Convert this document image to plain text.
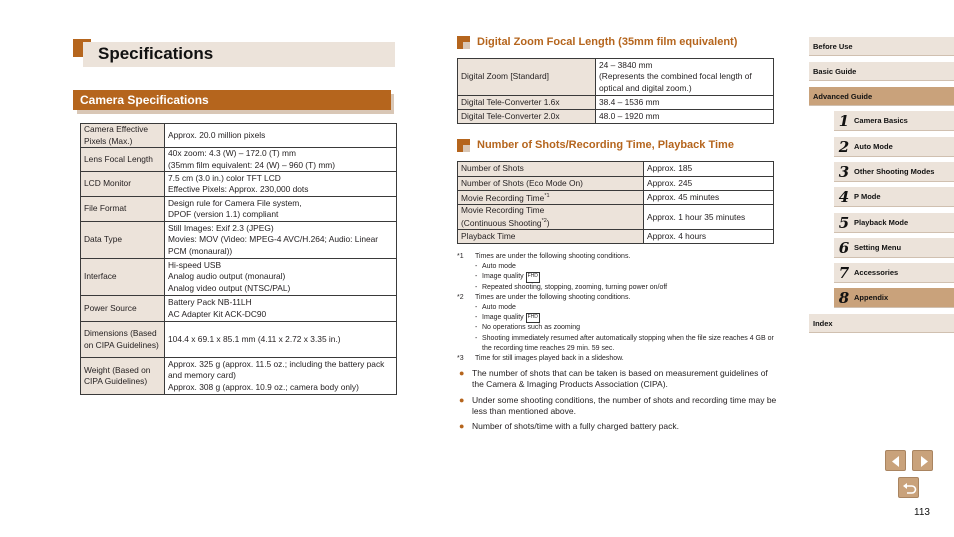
Specifications
Camera Specifications
Camera Effective Pixels (Max.)	Approx. 20.0 million pixels
Lens Focal Length	40x zoom: 4.3 (W) – 172.0 (T) mm
(35mm film equivalent: 24 (W) – 960 (T) mm)
LCD Monitor	7.5 cm (3.0 in.) color TFT LCD
Effective Pixels: Approx. 230,000 dots
File Format	Design rule for Camera File system,
DPOF (version 1.1) compliant
Data Type	Still Images: Exif 2.3 (JPEG)
Movies: MOV (Video: MPEG-4 AVC/H.264; Audio: Linear PCM (monaural))
Interface	Hi-speed USB
Analog audio output (monaural)
Analog video output (NTSC/PAL)
Power Source	Battery Pack NB-11LH
AC Adapter Kit ACK-DC90
Dimensions (Based on CIPA Guidelines)	104.4 x 69.1 x 85.1 mm (4.11 x 2.72 x 3.35 in.)
Weight (Based on CIPA Guidelines)	Approx. 325 g (approx. 11.5 oz.; including the battery pack and memory card)
Approx. 308 g (approx. 10.9 oz.; camera body only)
Digital Zoom Focal Length (35mm film equivalent)
Digital Zoom [Standard]	24 – 3840 mm
(Represents the combined focal length of optical and digital zoom.)
Digital Tele-Converter 1.6x	38.4 – 1536 mm
Digital Tele-Converter 2.0x	48.0 – 1920 mm
Number of Shots/Recording Time, Playback Time
Number of Shots	Approx. 185
Number of Shots (Eco Mode On)	Approx. 245
Movie Recording Time$^{*1}$	Approx. 45 minutes
Movie Recording Time
(Continuous Shooting$^{*2}$)	Approx. 1 hour 35 minutes
Playback Time	Approx. 4 hours
*1	Times are under the following shooting conditions.
- Auto mode
- Image quality
FHD
- Repeated shooting, stopping, zooming, turning power on/off
*2	Times are under the following shooting conditions.
- Auto mode
- Image quality
FHD
- No operations such as zooming
- Shooting immediately resumed after automatically stopping when the file size reaches 4 GB or the recording time reaches 29 min. 59 sec.
*3	Time for still images played back in a slideshow.
● The number of shots that can be taken is based on measurement guidelines of the Camera & Imaging Products Association (CIPA).
● Under some shooting conditions, the number of shots and recording time may be less than mentioned above.
● Number of shots/time with a fully charged battery pack.
Before Use
Basic Guide
Advanced Guide
1 Camera Basics
2 Auto Mode
3 Other Shooting Modes
4 P Mode
5 Playback Mode
6 Setting Menu
7 Accessories
8 Appendix
Index
113
